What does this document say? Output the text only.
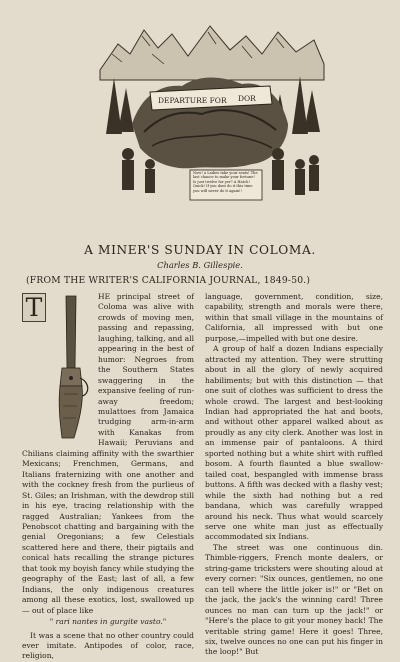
DEPARTURE FOR DOR
Now! a Ladies take your seats! The last chance to make your fortune! Is just twelve for yer? A Hatch! Quick! If you dont do it this time you will never do it again!!
A MINER'S SUNDAY IN COLOMA.
Charles B. Gillespie.
(FROM THE WRITER'S CALIFORNIA JOURNAL, 1849-50.)
T	HE principal street of Coloma was alive with crowds of moving men, passing and repassing, laughing, talking, and all appearing in the best of humor: Negroes from the Southern States swaggering in the expansive feeling of run-away freedom; mulattoes from Jamaica trudging arm-in-arm with Kanakas from Hawaii; Peruvians and Chilians claiming affinity with the swarthier Mexicans; Frenchmen, Germans, and Italians fraternizing with one another and with the cockney fresh from the purlieus of St. Giles; an Irishman, with the dewdrop still in his eye, tracing relationship with the ragged Australian; Yankees from the Penobscot chatting and bargaining with the genial Oregonians; a few Celestials scattered here and there, their pigtails and conical hats recalling the strange pictures that took my boyish fancy while studying the geography of the East; last of all, a few Indians, the only indigenous creatures among all these exotics, lost, swallowed up — out of place like

" rari nantes in gurgite vasto."

It was a scene that no other country could ever imitate. Antipodes of color, race, religion,

language, government, condition, size, capability, strength and morals were there, within that small village in the mountains of California, all impressed with but one purpose,—impelled with but one desire.

A group of half a dozen Indians especially attracted my attention. They were strutting about in all the glory of newly acquired habiliments; but with this distinction — that one suit of clothes was sufficient to dress the whole crowd. The largest and best-looking Indian had appropriated the hat and boots, and without other apparel walked about as proudly as any city clerk. Another was lost in an immense pair of pantaloons. A third sported nothing but a white shirt with ruffled bosom. A fourth flaunted a blue swallow-tailed coat, bespangled with immense brass buttons. A fifth was decked with a flashy vest; while the sixth had nothing but a red bandana, which was carefully wrapped around his neck. Thus what would scarcely serve one white man just as effectually accommodated six Indians.

The street was one continuous din. Thimble-riggers, French monte dealers, or string-game tricksters were shouting aloud at every corner: "Six ounces, gentlemen, no one can tell where the little joker is!" or "Bet on the jack, the jack's the winning card! Three ounces no man can turn up the jack!" or "Here's the place to git your money back! The veritable string game! Here it goes! Three, six, twelve ounces no one can put his finger in the loop!" But
